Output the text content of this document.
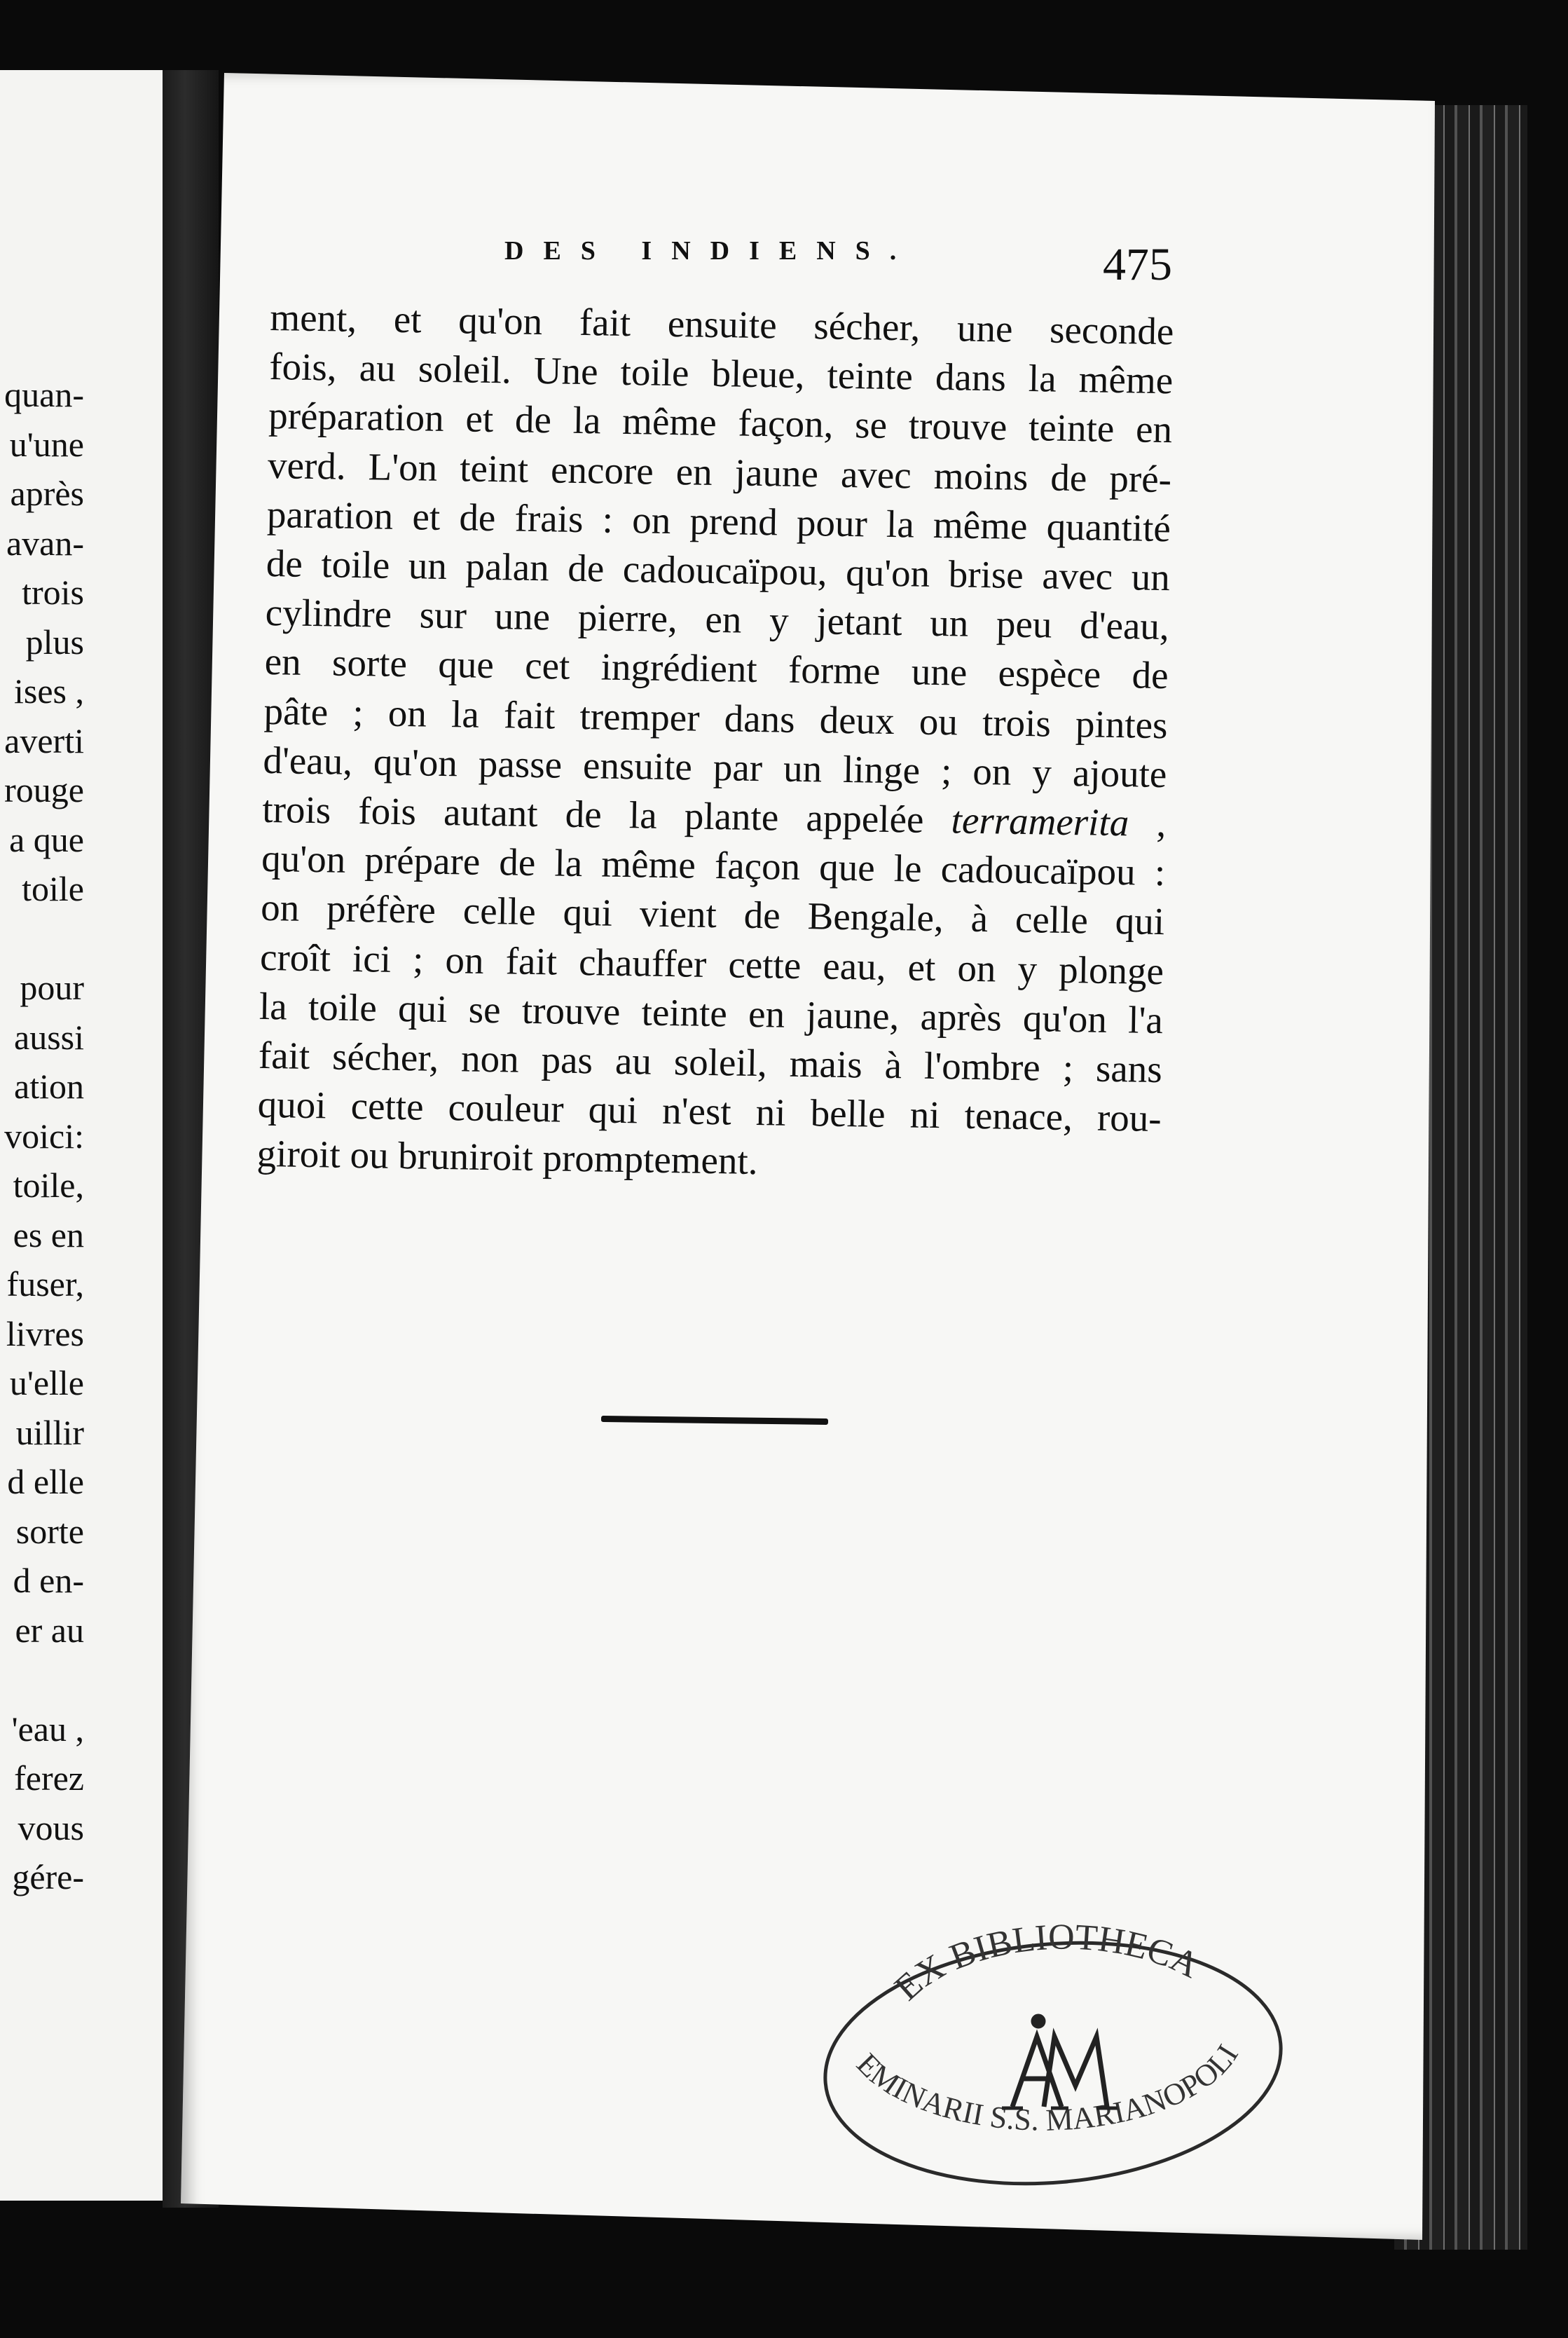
quan-
u'une
après
avan-
trois
plus
ises ,
averti
rouge
a que
toile
pour
aussi
ation
voici:
toile,
es en
fuser,
livres
u'elle
uillir
d elle
sorte
d en-
er au
'eau ,
ferez
vous
gére-
DES INDIENS.	475
ment, et qu'on fait ensuite sécher, une seconde
fois, au soleil. Une toile bleue, teinte dans la même
préparation et de la même façon, se trouve teinte en
verd. L'on teint encore en jaune avec moins de pré-
paration et de frais : on prend pour la même quantité
de toile un palan de cadoucaïpou, qu'on brise avec un
cylindre sur une pierre, en y jetant un peu d'eau,
en sorte que cet ingrédient forme une espèce de
pâte ; on la fait tremper dans deux ou trois pintes
d'eau, qu'on passe ensuite par un linge ; on y ajoute
trois fois autant de la plante appelée terramerita ,
qu'on prépare de la même façon que le cadoucaïpou :
on préfère celle qui vient de Bengale, à celle qui
croît ici ; on fait chauffer cette eau, et on y plonge
la toile qui se trouve teinte en jaune, après qu'on l'a
fait sécher, non pas au soleil, mais à l'ombre ; sans
quoi cette couleur qui n'est ni belle ni tenace, rou-
giroit ou bruniroit promptement.
EX BIBLIOTHECA
EMINARII S.S. MARIANOPOLI
